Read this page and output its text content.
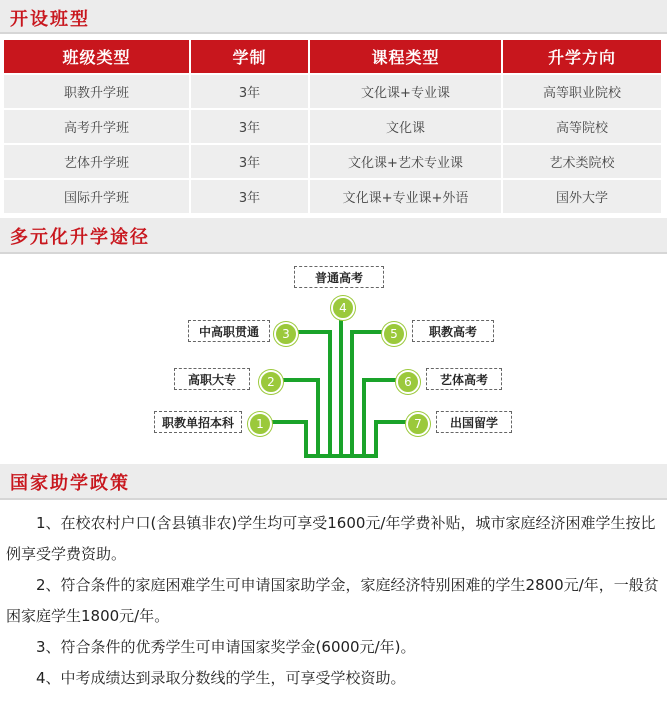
开设班型
班级类型	学制	课程类型	升学方向
职教升学班	3年	文化课+专业课	高等职业院校
高考升学班	3年	文化课	高等院校
艺体升学班	3年	文化课+艺术专业课	艺术类院校
国际升学班	3年	文化课+专业课+外语	国外大学
多元化升学途径
普通高考
中高职贯通	职教高考
高职大专	艺体高考
职教单招本科	出国留学
4
3	5
2	6
1	7
国家助学政策

1、在校农村户口(含县镇非农)学生均可享受1600元/年学费补贴，城市家庭经济困难学生按比例享受学费资助。

2、符合条件的家庭困难学生可申请国家助学金，家庭经济特别困难的学生2800元/年，一般贫困家庭学生1800元/年。

3、符合条件的优秀学生可申请国家奖学金(6000元/年)。

4、中考成绩达到录取分数线的学生，可享受学校资助。
